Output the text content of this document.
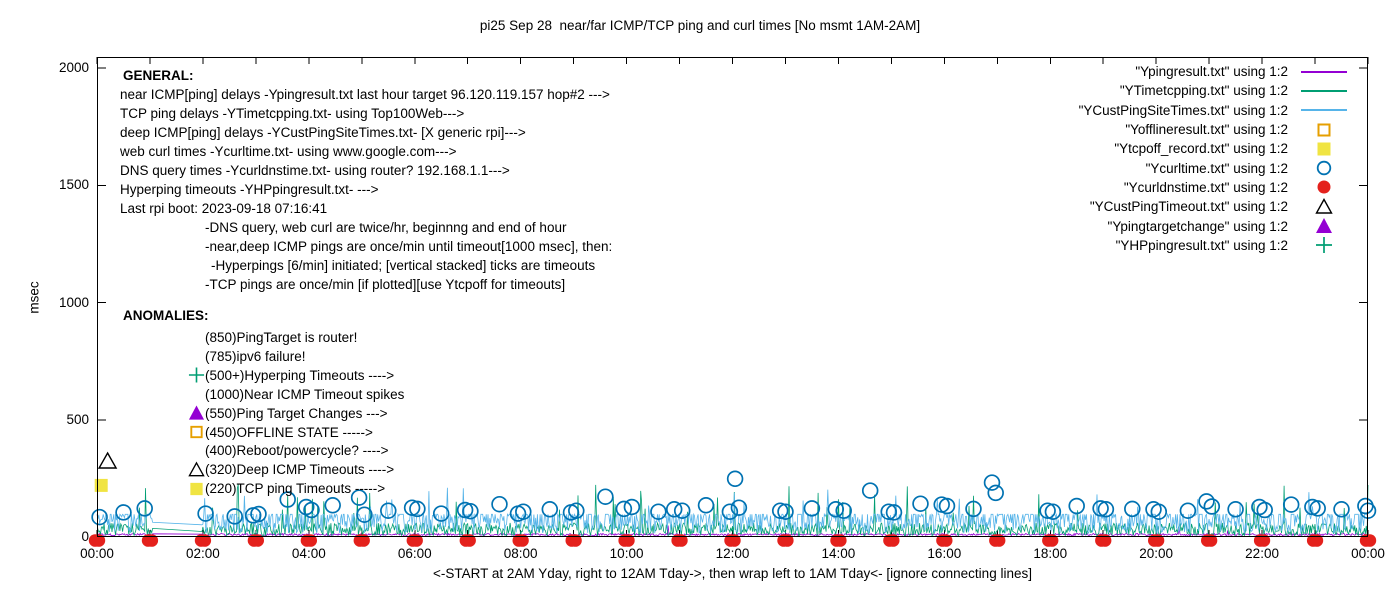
pi25 Sep 28  near/far ICMP/TCP ping and curl times [No msmt 1AM-2AM]
msec
0
500
1000
1500
2000
00:00	02:00	04:00	06:00	08:00	10:00	12:00	14:00	16:00	18:00	20:00	22:00	00:00
<-START at 2AM Yday, right to 12AM Tday->, then wrap left to 1AM Tday<- [ignore connecting lines]
GENERAL:
near ICMP[ping] delays -Ypingresult.txt last hour target 96.120.119.157 hop#2 --->
TCP ping delays -YTimetcpping.txt- using Top100Web--->
deep ICMP[ping] delays -YCustPingSiteTimes.txt- [X generic rpi]--->
web curl times -Ycurltime.txt- using www.google.com--->
DNS query times -Ycurldnstime.txt- using router? 192.168.1.1--->
Hyperping timeouts -YHPpingresult.txt- --->
Last rpi boot: 2023-09-18 07:16:41
-DNS query, web curl are twice/hr, beginnng and end of hour
-near,deep ICMP pings are once/min until timeout[1000 msec], then:
-Hyperpings [6/min] initiated; [vertical stacked] ticks are timeouts
-TCP pings are once/min [if plotted][use Ytcpoff for timeouts]
ANOMALIES:
(850)PingTarget is router!
(785)ipv6 failure!
(500+)Hyperping Timeouts ---->
(1000)Near ICMP Timeout spikes
(550)Ping Target Changes --->
(450)OFFLINE STATE ----->
(400)Reboot/powercycle? ---->
(320)Deep ICMP Timeouts ---->
(220)TCP ping Timeouts ----->
"Ypingresult.txt" using 1:2
"YTimetcpping.txt" using 1:2
"YCustPingSiteTimes.txt" using 1:2
"Yofflineresult.txt" using 1:2
"Ytcpoff_record.txt" using 1:2
"Ycurltime.txt" using 1:2
"Ycurldnstime.txt" using 1:2
"YCustPingTimeout.txt" using 1:2
"Ypingtargetchange" using 1:2
"YHPpingresult.txt" using 1:2
